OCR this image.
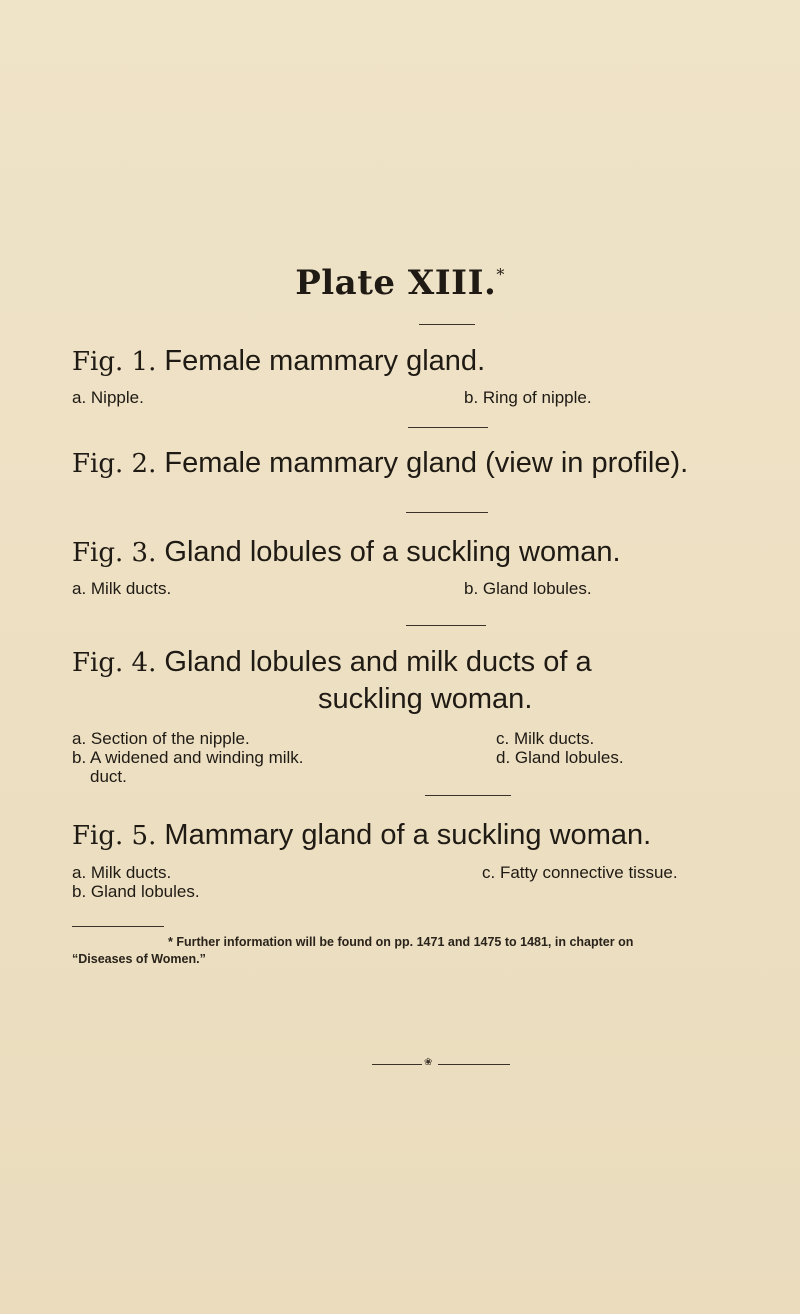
Plate XIII.*
Fig. 1. Female mammary gland.
a. Nipple.	b. Ring of nipple.
Fig. 2. Female mammary gland (view in profile).
Fig. 3. Gland lobules of a suckling woman.
a. Milk ducts.	b. Gland lobules.
Fig. 4. Gland lobules and milk ducts of a
suckling woman.
a. Section of the nipple.	c. Milk ducts.
b. A widened and winding milk.	d. Gland lobules.
duct.
Fig. 5. Mammary gland of a suckling woman.
a. Milk ducts.	c. Fatty connective tissue.
b. Gland lobules.
* Further information will be found on pp. 1471 and 1475 to 1481, in chapter on
“Diseases of Women.”
❀
